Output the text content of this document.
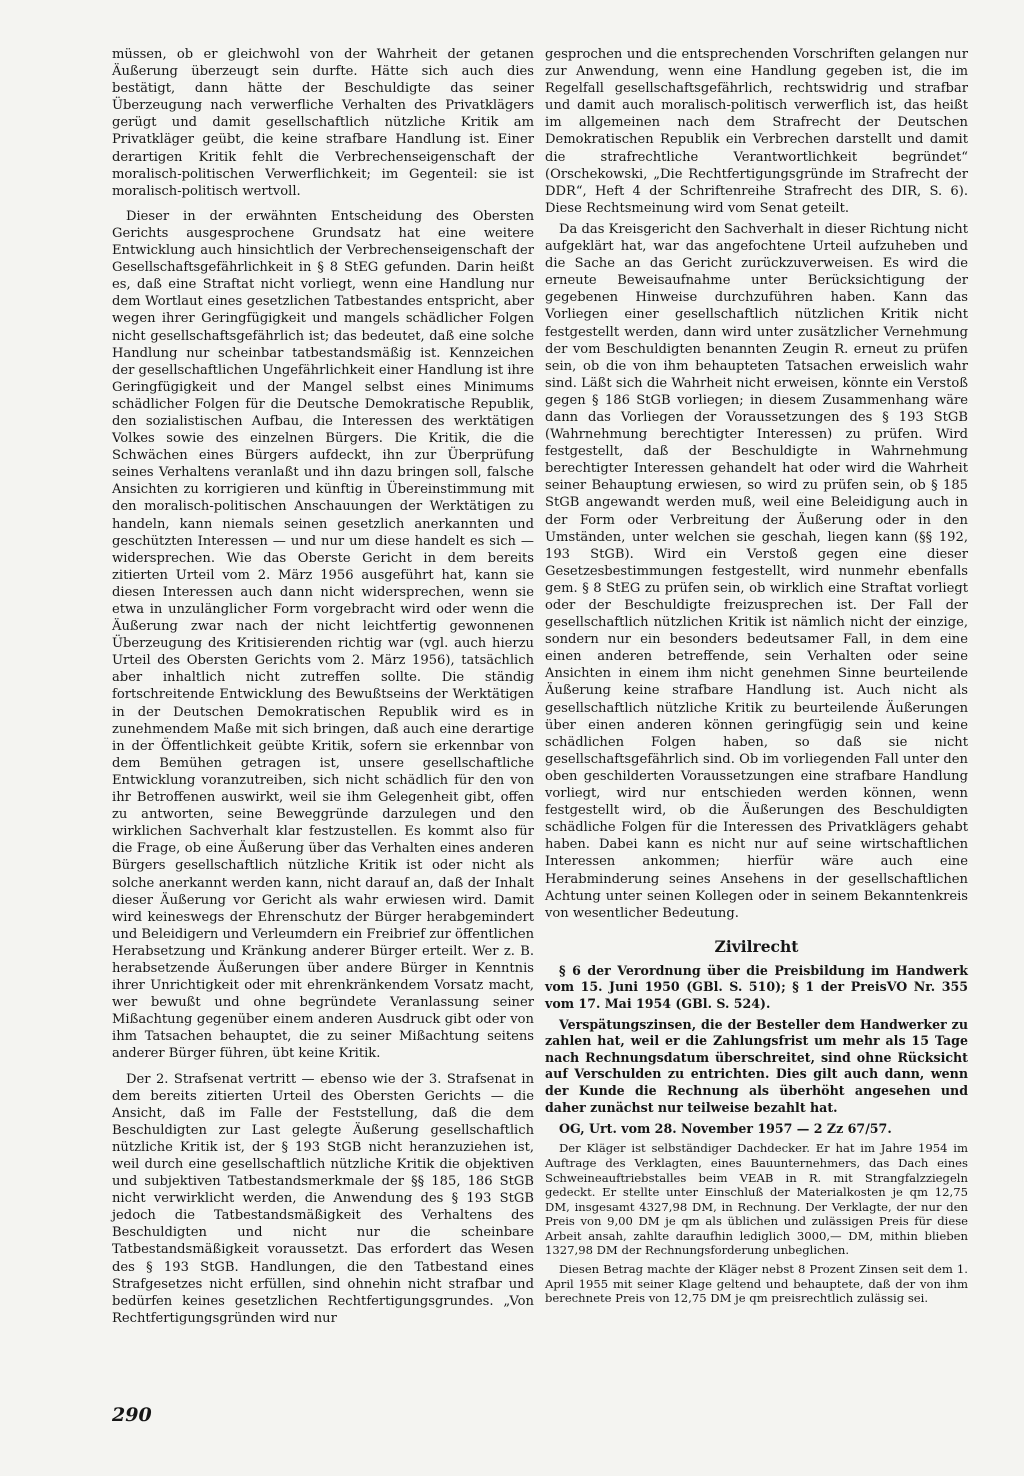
müssen, ob er gleichwohl von der Wahrheit der getanen Äußerung überzeugt sein durfte. Hätte sich auch dies bestätigt, dann hätte der Beschuldigte das seiner Überzeugung nach verwerfliche Verhalten des Privatklägers gerügt und damit gesellschaftlich nützliche Kritik am Privatkläger geübt, die keine strafbare Handlung ist. Einer derartigen Kritik fehlt die Verbrechenseigenschaft der moralisch-politischen Verwerflichkeit; im Gegenteil: sie ist moralisch-politisch wertvoll.

Dieser in der erwähnten Entscheidung des Obersten Gerichts ausgesprochene Grundsatz hat eine weitere Entwicklung auch hinsichtlich der Verbrechenseigenschaft der Gesellschaftsgefährlichkeit in § 8 StEG gefunden. Darin heißt es, daß eine Straftat nicht vorliegt, wenn eine Handlung nur dem Wortlaut eines gesetzlichen Tatbestandes entspricht, aber wegen ihrer Geringfügigkeit und mangels schädlicher Folgen nicht gesellschaftsgefährlich ist; das bedeutet, daß eine solche Handlung nur scheinbar tatbestandsmäßig ist. Kennzeichen der gesellschaftlichen Ungefährlichkeit einer Handlung ist ihre Geringfügigkeit und der Mangel selbst eines Minimums schädlicher Folgen für die Deutsche Demokratische Republik, den sozialistischen Aufbau, die Interessen des werktätigen Volkes sowie des einzelnen Bürgers. Die Kritik, die die Schwächen eines Bürgers aufdeckt, ihn zur Überprüfung seines Verhaltens veranlaßt und ihn dazu bringen soll, falsche Ansichten zu korrigieren und künftig in Übereinstimmung mit den moralisch-politischen Anschauungen der Werktätigen zu handeln, kann niemals seinen gesetzlich anerkannten und geschützten Interessen — und nur um diese handelt es sich — widersprechen. Wie das Oberste Gericht in dem bereits zitierten Urteil vom 2. März 1956 ausgeführt hat, kann sie diesen Interessen auch dann nicht widersprechen, wenn sie etwa in unzulänglicher Form vorgebracht wird oder wenn die Äußerung zwar nach der nicht leichtfertig gewonnenen Überzeugung des Kritisierenden richtig war (vgl. auch hierzu Urteil des Obersten Gerichts vom 2. März 1956), tatsächlich aber inhaltlich nicht zutreffen sollte. Die ständig fortschreitende Entwicklung des Bewußtseins der Werktätigen in der Deutschen Demokratischen Republik wird es in zunehmendem Maße mit sich bringen, daß auch eine derartige in der Öffentlichkeit geübte Kritik, sofern sie erkennbar von dem Bemühen getragen ist, unsere gesellschaftliche Entwicklung voranzutreiben, sich nicht schädlich für den von ihr Betroffenen auswirkt, weil sie ihm Gelegenheit gibt, offen zu antworten, seine Beweggründe darzulegen und den wirklichen Sachverhalt klar festzustellen. Es kommt also für die Frage, ob eine Äußerung über das Verhalten eines anderen Bürgers gesellschaftlich nützliche Kritik ist oder nicht als solche anerkannt werden kann, nicht darauf an, daß der Inhalt dieser Äußerung vor Gericht als wahr erwiesen wird. Damit wird keineswegs der Ehrenschutz der Bürger herabgemindert und Beleidigern und Verleumdern ein Freibrief zur öffentlichen Herabsetzung und Kränkung anderer Bürger erteilt. Wer z. B. herabsetzende Äußerungen über andere Bürger in Kenntnis ihrer Unrichtigkeit oder mit ehrenkränkendem Vorsatz macht, wer bewußt und ohne begründete Veranlassung seiner Mißachtung gegenüber einem anderen Ausdruck gibt oder von ihm Tatsachen behauptet, die zu seiner Mißachtung seitens anderer Bürger führen, übt keine Kritik.

Der 2. Strafsenat vertritt — ebenso wie der 3. Strafsenat in dem bereits zitierten Urteil des Obersten Gerichts — die Ansicht, daß im Falle der Feststellung, daß die dem Beschuldigten zur Last gelegte Äußerung gesellschaftlich nützliche Kritik ist, der § 193 StGB nicht heranzuziehen ist, weil durch eine gesellschaftlich nützliche Kritik die objektiven und subjektiven Tatbestandsmerkmale der §§ 185, 186 StGB nicht verwirklicht werden, die Anwendung des § 193 StGB jedoch die Tatbestandsmäßigkeit des Verhaltens des Beschuldigten und nicht nur die scheinbare Tatbestandsmäßigkeit voraussetzt. Das erfordert das Wesen des § 193 StGB. Handlungen, die den Tatbestand eines Strafgesetzes nicht erfüllen, sind ohnehin nicht strafbar und bedürfen keines gesetzlichen Rechtfertigungsgrundes. „Von Rechtfertigungsgründen wird nur

gesprochen und die entsprechenden Vorschriften gelangen nur zur Anwendung, wenn eine Handlung gegeben ist, die im Regelfall gesellschaftsgefährlich, rechtswidrig und strafbar und damit auch moralisch-politisch verwerflich ist, das heißt im allgemeinen nach dem Strafrecht der Deutschen Demokratischen Republik ein Verbrechen darstellt und damit die strafrechtliche Verantwortlichkeit begründet“ (Orschekowski, „Die Rechtfertigungsgründe im Strafrecht der DDR“, Heft 4 der Schriftenreihe Strafrecht des DIR, S. 6). Diese Rechtsmeinung wird vom Senat geteilt.

Da das Kreisgericht den Sachverhalt in dieser Richtung nicht aufgeklärt hat, war das angefochtene Urteil aufzuheben und die Sache an das Gericht zurückzuverweisen. Es wird die erneute Beweisaufnahme unter Berücksichtigung der gegebenen Hinweise durchzuführen haben. Kann das Vorliegen einer gesellschaftlich nützlichen Kritik nicht festgestellt werden, dann wird unter zusätzlicher Vernehmung der vom Beschuldigten benannten Zeugin R. erneut zu prüfen sein, ob die von ihm behaupteten Tatsachen erweislich wahr sind. Läßt sich die Wahrheit nicht erweisen, könnte ein Verstoß gegen § 186 StGB vorliegen; in diesem Zusammenhang wäre dann das Vorliegen der Voraussetzungen des § 193 StGB (Wahrnehmung berechtigter Interessen) zu prüfen. Wird festgestellt, daß der Beschuldigte in Wahrnehmung berechtigter Interessen gehandelt hat oder wird die Wahrheit seiner Behauptung erwiesen, so wird zu prüfen sein, ob § 185 StGB angewandt werden muß, weil eine Beleidigung auch in der Form oder Verbreitung der Äußerung oder in den Umständen, unter welchen sie geschah, liegen kann (§§ 192, 193 StGB). Wird ein Verstoß gegen eine dieser Gesetzesbestimmungen festgestellt, wird nunmehr ebenfalls gem. § 8 StEG zu prüfen sein, ob wirklich eine Straftat vorliegt oder der Beschuldigte freizusprechen ist. Der Fall der gesellschaftlich nützlichen Kritik ist nämlich nicht der einzige, sondern nur ein besonders bedeutsamer Fall, in dem eine einen anderen betreffende, sein Verhalten oder seine Ansichten in einem ihm nicht genehmen Sinne beurteilende Äußerung keine strafbare Handlung ist. Auch nicht als gesellschaftlich nützliche Kritik zu beurteilende Äußerungen über einen anderen können geringfügig sein und keine schädlichen Folgen haben, so daß sie nicht gesellschaftsgefährlich sind. Ob im vorliegenden Fall unter den oben geschilderten Voraussetzungen eine strafbare Handlung vorliegt, wird nur entschieden werden können, wenn festgestellt wird, ob die Äußerungen des Beschuldigten schädliche Folgen für die Interessen des Privatklägers gehabt haben. Dabei kann es nicht nur auf seine wirtschaftlichen Interessen ankommen; hierfür wäre auch eine Herabminderung seines Ansehens in der gesellschaftlichen Achtung unter seinen Kollegen oder in seinem Bekanntenkreis von wesentlicher Bedeutung.

Zivilrecht

§ 6 der Verordnung über die Preisbildung im Handwerk vom 15. Juni 1950 (GBl. S. 510); § 1 der PreisVO Nr. 355 vom 17. Mai 1954 (GBl. S. 524).

Verspätungszinsen, die der Besteller dem Handwerker zu zahlen hat, weil er die Zahlungsfrist um mehr als 15 Tage nach Rechnungsdatum überschreitet, sind ohne Rücksicht auf Verschulden zu entrichten. Dies gilt auch dann, wenn der Kunde die Rechnung als überhöht angesehen und daher zunächst nur teilweise bezahlt hat.

OG, Urt. vom 28. November 1957 — 2 Zz 67/57.

Der Kläger ist selbständiger Dachdecker. Er hat im Jahre 1954 im Auftrage des Verklagten, eines Bauunternehmers, das Dach eines Schweineauftriebstalles beim VEAB in R. mit Strangfalzziegeln gedeckt. Er stellte unter Einschluß der Materialkosten je qm 12,75 DM, insgesamt 4327,98 DM, in Rechnung. Der Verklagte, der nur den Preis von 9,00 DM je qm als üblichen und zulässigen Preis für diese Arbeit ansah, zahlte daraufhin lediglich 3000,— DM, mithin blieben 1327,98 DM der Rechnungsforderung unbeglichen.

Diesen Betrag machte der Kläger nebst 8 Prozent Zinsen seit dem 1. April 1955 mit seiner Klage geltend und behauptete, daß der von ihm berechnete Preis von 12,75 DM je qm preisrechtlich zulässig sei.

290
